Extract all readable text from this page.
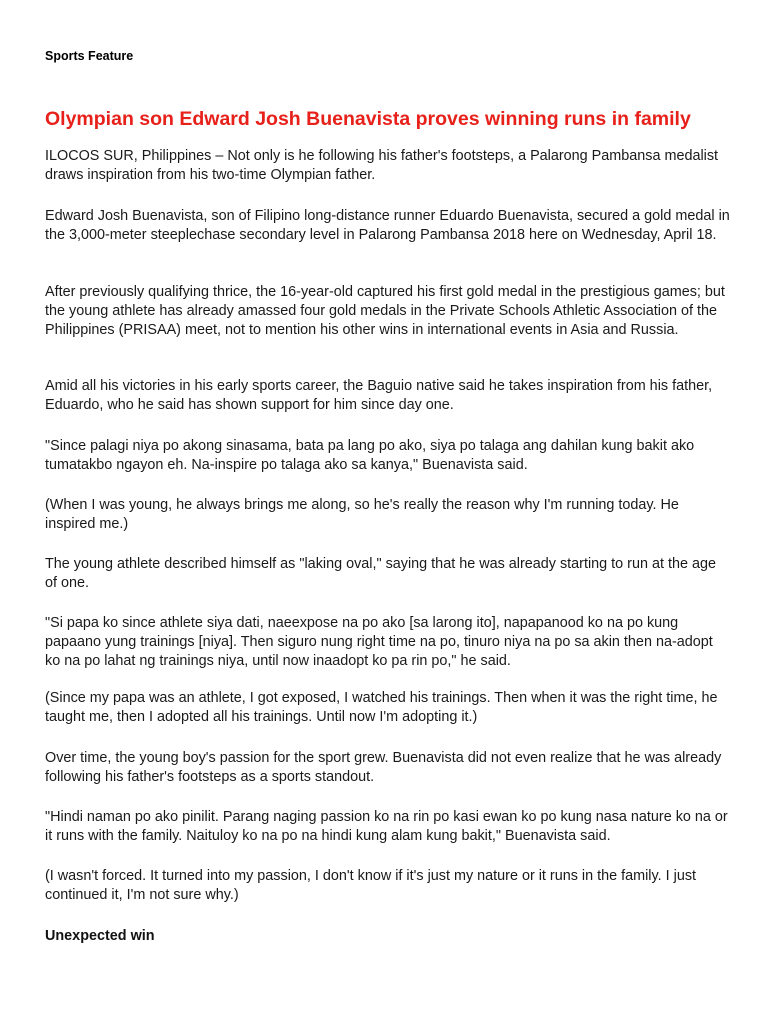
Sports Feature
Olympian son Edward Josh Buenavista proves winning runs in family

ILOCOS SUR, Philippines – Not only is he following his father's footsteps, a Palarong Pambansa medalist draws inspiration from his two-time Olympian father.

Edward Josh Buenavista, son of Filipino long-distance runner Eduardo Buenavista, secured a gold medal in the 3,000-meter steeplechase secondary level in Palarong Pambansa 2018 here on Wednesday, April 18.

After previously qualifying thrice, the 16-year-old captured his first gold medal in the prestigious games; but the young athlete has already amassed four gold medals in the Private Schools Athletic Association of the Philippines (PRISAA) meet, not to mention his other wins in international events in Asia and Russia.

Amid all his victories in his early sports career, the Baguio native said he takes inspiration from his father, Eduardo, who he said has shown support for him since day one.

"Since palagi niya po akong sinasama, bata pa lang po ako, siya po talaga ang dahilan kung bakit ako tumatakbo ngayon eh. Na-inspire po talaga ako sa kanya," Buenavista said.

(When I was young, he always brings me along, so he's really the reason why I'm running today. He inspired me.)

The young athlete described himself as "laking oval," saying that he was already starting to run at the age of one.

"Si papa ko since athlete siya dati, naeexpose na po ako [sa larong ito], napapanood ko na po kung papaano yung trainings [niya]. Then siguro nung right time na po, tinuro niya na po sa akin then na-adopt ko na po lahat ng trainings niya, until now inaadopt ko pa rin po," he said.

(Since my papa was an athlete, I got exposed, I watched his trainings. Then when it was the right time, he taught me, then I adopted all his trainings. Until now I'm adopting it.)

Over time, the young boy's passion for the sport grew. Buenavista did not even realize that he was already following his father's footsteps as a sports standout.

"Hindi naman po ako pinilit. Parang naging passion ko na rin po kasi ewan ko po kung nasa nature ko na or it runs with the family. Naituloy ko na po na hindi kung alam kung bakit," Buenavista said.

(I wasn't forced. It turned into my passion, I don't know if it's just my nature or it runs in the family. I just continued it, I'm not sure why.)

Unexpected win
